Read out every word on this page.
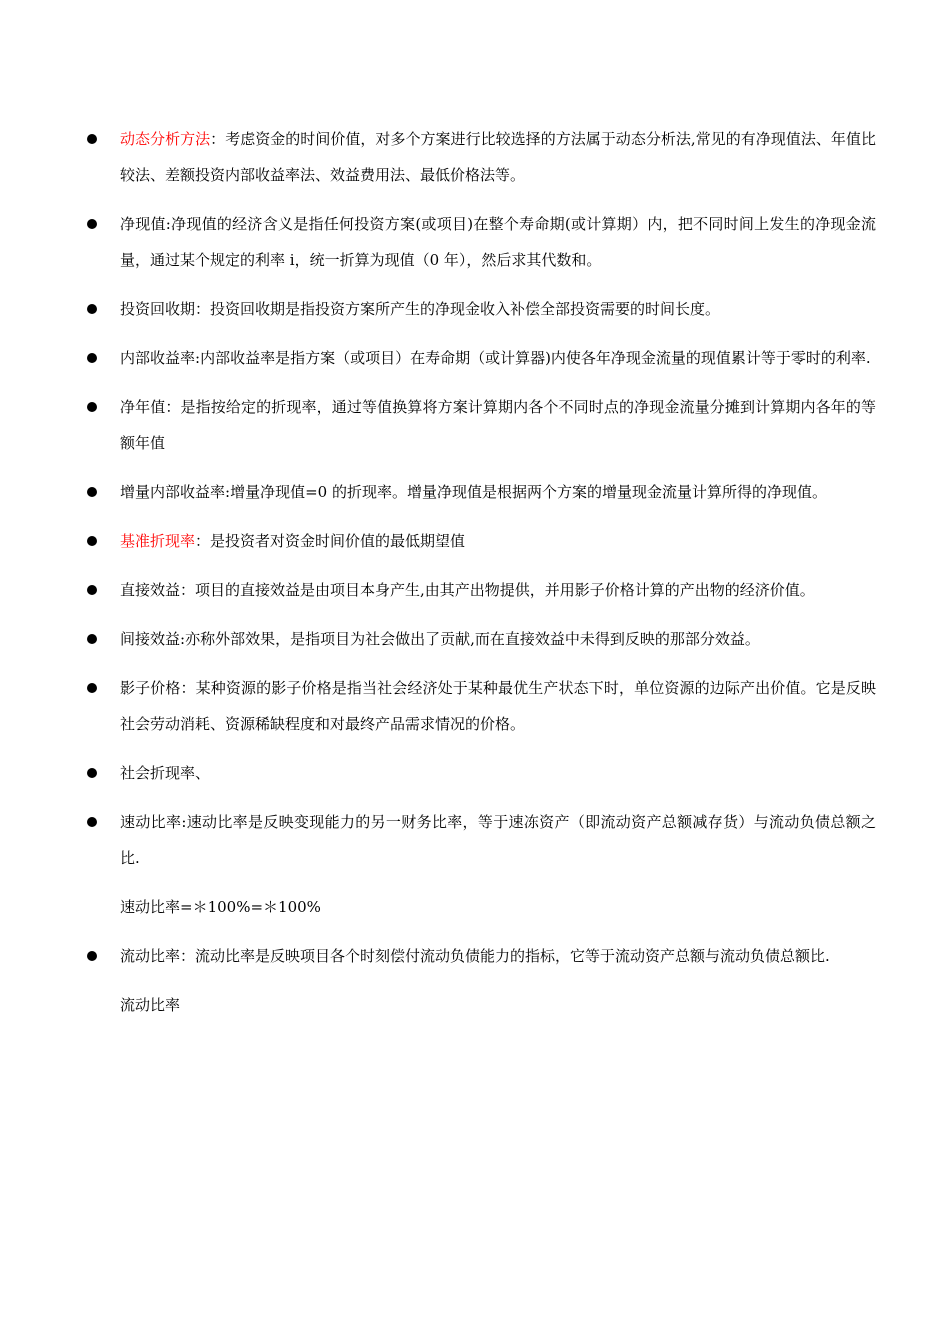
动态分析方法：考虑资金的时间价值，对多个方案进行比较选择的方法属于动态分析法,常见的有净现值法、年值比较法、差额投资内部收益率法、效益费用法、最低价格法等。
净现值:净现值的经济含义是指任何投资方案(或项目)在整个寿命期(或计算期）内，把不同时间上发生的净现金流量，通过某个规定的利率 i，统一折算为现值（0 年），然后求其代数和。
投资回收期：投资回收期是指投资方案所产生的净现金收入补偿全部投资需要的时间长度。
内部收益率:内部收益率是指方案（或项目）在寿命期（或计算器)内使各年净现金流量的现值累计等于零时的利率.
净年值：是指按给定的折现率，通过等值换算将方案计算期内各个不同时点的净现金流量分摊到计算期内各年的等额年值
增量内部收益率:增量净现值=0 的折现率。增量净现值是根据两个方案的增量现金流量计算所得的净现值。
基准折现率：是投资者对资金时间价值的最低期望值
直接效益：项目的直接效益是由项目本身产生,由其产出物提供，并用影子价格计算的产出物的经济价值。
间接效益:亦称外部效果，是指项目为社会做出了贡献,而在直接效益中未得到反映的那部分效益。
影子价格：某种资源的影子价格是指当社会经济处于某种最优生产状态下时，单位资源的边际产出价值。它是反映社会劳动消耗、资源稀缺程度和对最终产品需求情况的价格。
社会折现率、
速动比率:速动比率是反映变现能力的另一财务比率，等于速冻资产（即流动资产总额减存货）与流动负债总额之比.
速动比率=＊100%=＊100%
流动比率：流动比率是反映项目各个时刻偿付流动负债能力的指标，它等于流动资产总额与流动负债总额比.
流动比率
